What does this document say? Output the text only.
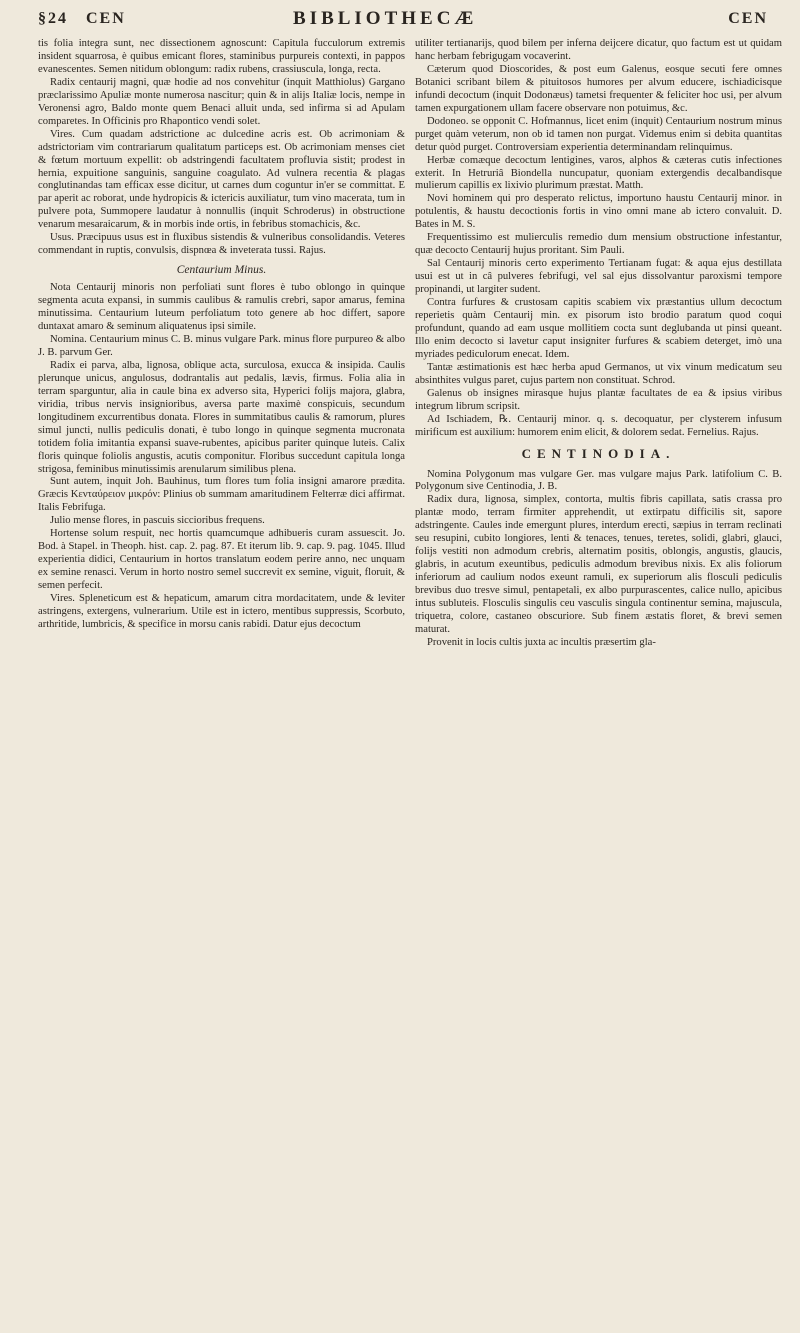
§24 CEN	BIBLIOTHECÆ	CEN

tis folia integra sunt, nec dissectionem agnoscunt: Capitula fucculorum extremis insident squarrosa, è quibus emicant flores, staminibus purpureis contexti, in pappos evanescentes. Semen nitidum oblongum: radix rubens, crassiuscula, longa, recta.

Radix centaurij magni, quæ hodie ad nos convehitur (inquit Matthiolus) Gargano præclarissimo Apuliæ monte numerosa nascitur; quin & in alijs Italiæ locis, nempe in Veronensi agro, Baldo monte quem Benaci alluit unda, sed infirma si ad Apulam comparetes. In Officinis pro Rhapontico vendi solet.

Vires. Cum quadam adstrictione ac dulcedine acris est. Ob acrimoniam & adstrictoriam vim contrariarum qualitatum particeps est. Ob acrimoniam menses ciet & fœtum mortuum expellit: ob adstringendi facultatem profluvia sistit; prodest in hernia, expuitione sanguinis, sanguine coagulato. Ad vulnera recentia & plagas conglutinandas tam efficax esse dicitur, ut carnes dum coguntur in'er se committat. E par aperit ac roborat, unde hydropicis & ictericis auxiliatur, tum vino macerata, tum in pulvere pota, Summopere laudatur à nonnullis (inquit Schroderus) in obstructione venarum mesaraicarum, & in morbis inde ortis, in febribus stomachicis, &c.

Usus. Præcipuus usus est in fluxibus sistendis & vulneribus consolidandis. Veteres commendant in ruptis, convulsis, dispnœa & inveterata tussi. Rajus.

Centaurium Minus.

Nota Centaurij minoris non perfoliati sunt flores è tubo oblongo in quinque segmenta acuta expansi, in summis caulibus & ramulis crebri, sapor amarus, femina minutissima. Centaurium luteum perfoliatum toto genere ab hoc differt, sapore duntaxat amaro & seminum aliquatenus ipsi simile.

Nomina. Centaurium minus C. B. minus vulgare Park. minus flore purpureo & albo J. B. parvum Ger.

Radix ei parva, alba, lignosa, oblique acta, surculosa, exucca & insipida. Caulis plerunque unicus, angulosus, dodrantalis aut pedalis, lævis, firmus. Folia alia in terram sparguntur, alia in caule bina ex adverso sita, Hyperici folijs majora, glabra, viridia, tribus nervis insignioribus, aversa parte maximè conspicuis, secundum longitudinem excurrentibus donata. Flores in summitatibus caulis & ramorum, plures simul juncti, nullis pediculis donati, è tubo longo in quinque segmenta mucronata totidem folia imitantia expansi suave-rubentes, apicibus pariter quinque luteis. Calix floris quinque foliolis angustis, acutis componitur. Floribus succedunt capitula longa strigosa, feminibus minutissimis arenularum similibus plena.

Sunt autem, inquit Joh. Bauhinus, tum flores tum folia insigni amarore prædita. Græcis Κενταύρειον μικρόν: Plinius ob summam amaritudinem Felterræ dici affirmat. Italis Febrifuga.

Julio mense flores, in pascuis siccioribus frequens.

Hortense solum respuit, nec hortis quamcumque adhibueris curam assuescit. Jo. Bod. à Stapel. in Theoph. hist. cap. 2. pag. 87. Et iterum lib. 9. cap. 9. pag. 1045. Illud experientia didici, Centaurium in hortos translatum eodem perire anno, nec unquam ex semine renasci. Verum in horto nostro semel succrevit ex semine, viguit, floruit, & semen perfecit.

Vires. Spleneticum est & hepaticum, amarum citra mordacitatem, unde & leviter astringens, extergens, vulnerarium. Utile est in ictero, mentibus suppressis, Scorbuto, arthritide, lumbricis, & specifice in morsu canis rabidi. Datur ejus decoctum

utiliter tertianarijs, quod bilem per inferna deijcere dicatur, quo factum est ut quidam hanc herbam febrigugam vocaverint.

Cæterum quod Dioscorides, & post eum Galenus, eosque secuti fere omnes Botanici scribant bilem & pituitosos humores per alvum educere, ischiadicisque infundi decoctum (inquit Dodonæus) tametsi frequenter & feliciter hoc usi, per alvum tamen expurgationem ullam facere observare non potuimus, &c.

Dodoneo. se opponit C. Hofmannus, licet enim (inquit) Centaurium nostrum minus purget quàm veterum, non ob id tamen non purgat. Videmus enim si debita quantitas detur quòd purget. Controversiam experientia determinandam relinquimus.

Herbæ comæque decoctum lentigines, varos, alphos & cæteras cutis infectiones exterit. In Hetruriâ Biondella nuncupatur, quoniam extergendis decalbandisque mulierum capillis ex lixivio plurimum præstat. Matth.

Novi hominem qui pro desperato relictus, importuno haustu Centaurij minor. in potulentis, & haustu decoctionis fortis in vino omni mane ab ictero convaluit. D. Bates in M. S.

Frequentissimo est mulierculis remedio dum mensium obstructione infestantur, quæ decocto Centaurij hujus proritant. Sim Pauli.

Sal Centaurij minoris certo experimento Tertianam fugat: & aqua ejus destillata usui est ut in câ pulveres febrifugi, vel sal ejus dissolvantur paroxismi tempore propinandi, ut largiter sudent.

Contra furfures & crustosam capitis scabiem vix præstantius ullum decoctum reperietis quàm Centaurij min. ex pisorum isto brodio paratum quod coqui profundunt, quando ad eam usque mollitiem cocta sunt deglubanda ut pinsi queant. Illo enim decocto si lavetur caput insigniter furfures & scabiem deterget, imò una myriades pediculorum enecat. Idem.

Tantæ æstimationis est hæc herba apud Germanos, ut vix vinum medicatum seu absinthites vulgus paret, cujus partem non constituat. Schrod.

Galenus ob insignes mirasque hujus plantæ facultates de ea & ipsius viribus integrum librum scripsit.

Ad Ischiadem, ℞. Centaurij minor. q. s. decoquatur, per clysterem infusum mirificum est auxilium: humorem enim elicit, & dolorem sedat. Fernelius. Rajus.

CENTINODIA.

Nomina Polygonum mas vulgare Ger. mas vulgare majus Park. latifolium C. B. Polygonum sive Centinodia, J. B.

Radix dura, lignosa, simplex, contorta, multis fibris capillata, satis crassa pro plantæ modo, terram firmiter apprehendit, ut extirpatu difficilis sit, sapore adstringente. Caules inde emergunt plures, interdum erecti, sæpius in terram reclinati seu resupini, cubito longiores, lenti & tenaces, tenues, teretes, solidi, glabri, glauci, folijs vestiti non admodum crebris, alternatim positis, oblongis, angustis, glaucis, glabris, in acutum exeuntibus, pediculis admodum brevibus nixis. Ex alis foliorum inferiorum ad caulium nodos exeunt ramuli, ex superiorum alis flosculi pediculis brevibus duo tresve simul, pentapetali, ex albo purpurascentes, calice nullo, apicibus intus subluteis. Flosculis singulis ceu vasculis singula continentur semina, majuscula, triquetra, colore, castaneo obscuriore. Sub finem æstatis floret, & brevi semen maturat.

Provenit in locis cultis juxta ac incultis præsertim gla-
